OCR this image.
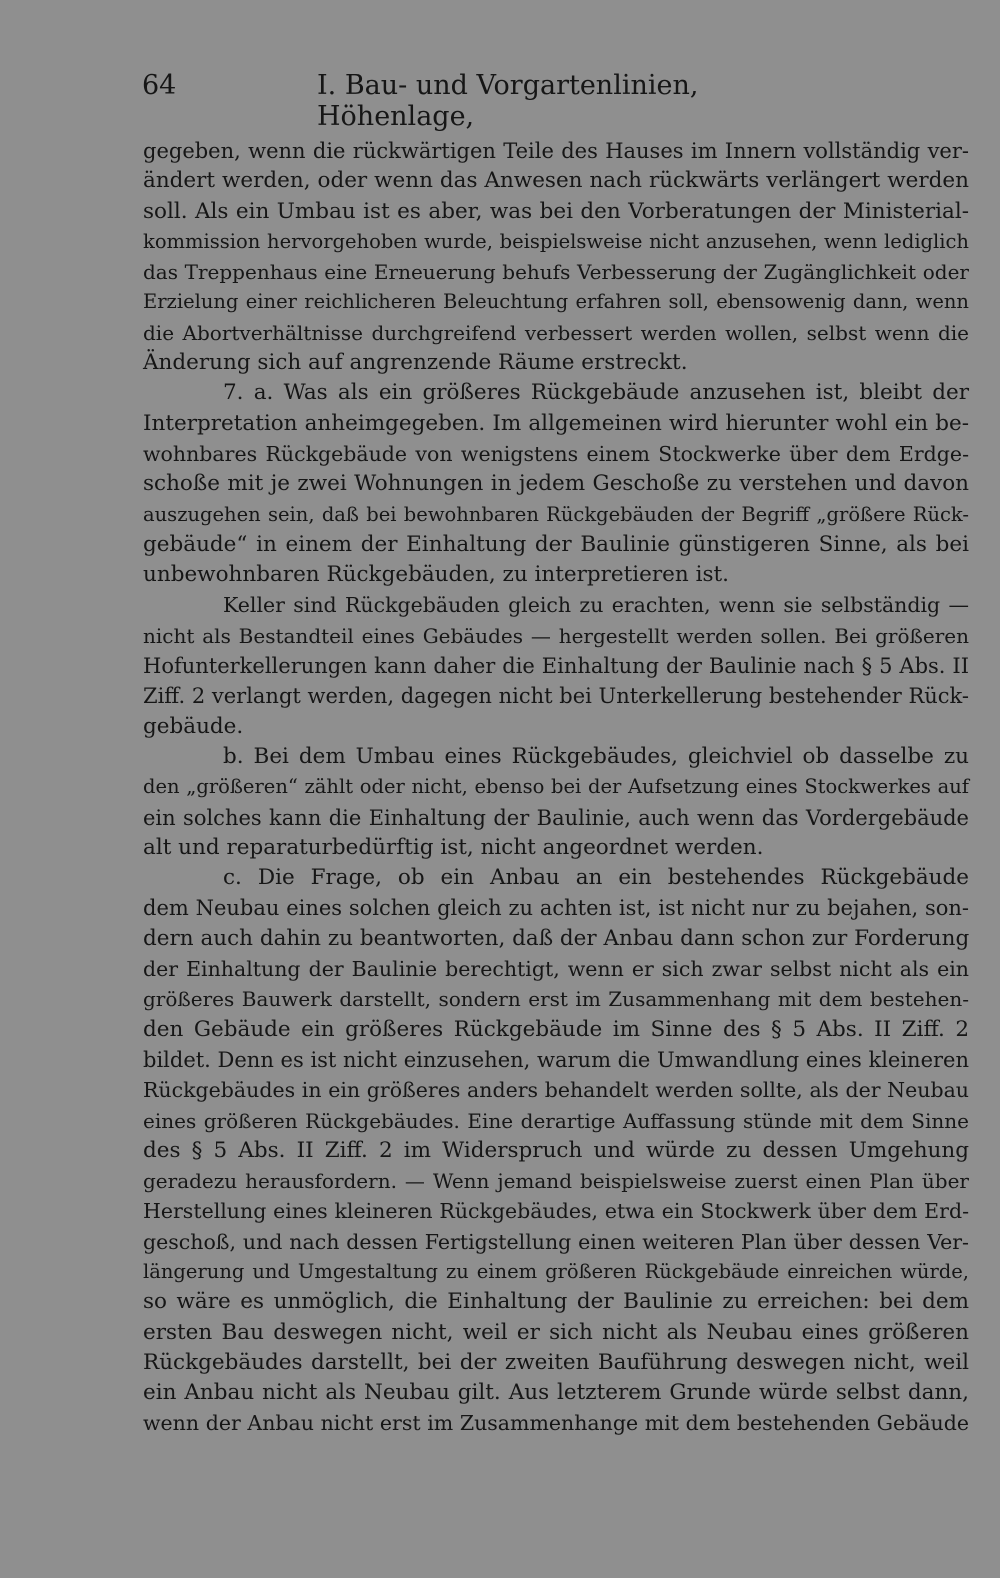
64	I. Bau- und Vorgartenlinien, Höhenlage,
gegeben, wenn die rückwärtigen Teile des Hauses im Innern vollständig ver-
ändert werden, oder wenn das Anwesen nach rückwärts verlängert werden
soll. Als ein Umbau ist es aber, was bei den Vorberatungen der Ministerial-
kommission hervorgehoben wurde, beispielsweise nicht anzusehen, wenn lediglich
das Treppenhaus eine Erneuerung behufs Verbesserung der Zugänglichkeit oder
Erzielung einer reichlicheren Beleuchtung erfahren soll, ebensowenig dann, wenn
die Abortverhältnisse durchgreifend verbessert werden wollen, selbst wenn die
Änderung sich auf angrenzende Räume erstreckt.
7. a. Was als ein größeres Rückgebäude anzusehen ist, bleibt der
Interpretation anheimgegeben. Im allgemeinen wird hierunter wohl ein be-
wohnbares Rückgebäude von wenigstens einem Stockwerke über dem Erdge-
schoße mit je zwei Wohnungen in jedem Geschoße zu verstehen und davon
auszugehen sein, daß bei bewohnbaren Rückgebäuden der Begriff „größere Rück-
gebäude“ in einem der Einhaltung der Baulinie günstigeren Sinne, als bei
unbewohnbaren Rückgebäuden, zu interpretieren ist.
Keller sind Rückgebäuden gleich zu erachten, wenn sie selbständig —
nicht als Bestandteil eines Gebäudes — hergestellt werden sollen. Bei größeren
Hofunterkellerungen kann daher die Einhaltung der Baulinie nach § 5 Abs. II
Ziff. 2 verlangt werden, dagegen nicht bei Unterkellerung bestehender Rück-
gebäude.
b. Bei dem Umbau eines Rückgebäudes, gleichviel ob dasselbe zu
den „größeren“ zählt oder nicht, ebenso bei der Aufsetzung eines Stockwerkes auf
ein solches kann die Einhaltung der Baulinie, auch wenn das Vordergebäude
alt und reparaturbedürftig ist, nicht angeordnet werden.
c. Die Frage, ob ein Anbau an ein bestehendes Rückgebäude
dem Neubau eines solchen gleich zu achten ist, ist nicht nur zu bejahen, son-
dern auch dahin zu beantworten, daß der Anbau dann schon zur Forderung
der Einhaltung der Baulinie berechtigt, wenn er sich zwar selbst nicht als ein
größeres Bauwerk darstellt, sondern erst im Zusammenhang mit dem bestehen-
den Gebäude ein größeres Rückgebäude im Sinne des § 5 Abs. II Ziff. 2
bildet. Denn es ist nicht einzusehen, warum die Umwandlung eines kleineren
Rückgebäudes in ein größeres anders behandelt werden sollte, als der Neubau
eines größeren Rückgebäudes. Eine derartige Auffassung stünde mit dem Sinne
des § 5 Abs. II Ziff. 2 im Widerspruch und würde zu dessen Umgehung
geradezu herausfordern. — Wenn jemand beispielsweise zuerst einen Plan über
Herstellung eines kleineren Rückgebäudes, etwa ein Stockwerk über dem Erd-
geschoß, und nach dessen Fertigstellung einen weiteren Plan über dessen Ver-
längerung und Umgestaltung zu einem größeren Rückgebäude einreichen würde,
so wäre es unmöglich, die Einhaltung der Baulinie zu erreichen: bei dem
ersten Bau deswegen nicht, weil er sich nicht als Neubau eines größeren
Rückgebäudes darstellt, bei der zweiten Bauführung deswegen nicht, weil
ein Anbau nicht als Neubau gilt. Aus letzterem Grunde würde selbst dann,
wenn der Anbau nicht erst im Zusammenhange mit dem bestehenden Gebäude
